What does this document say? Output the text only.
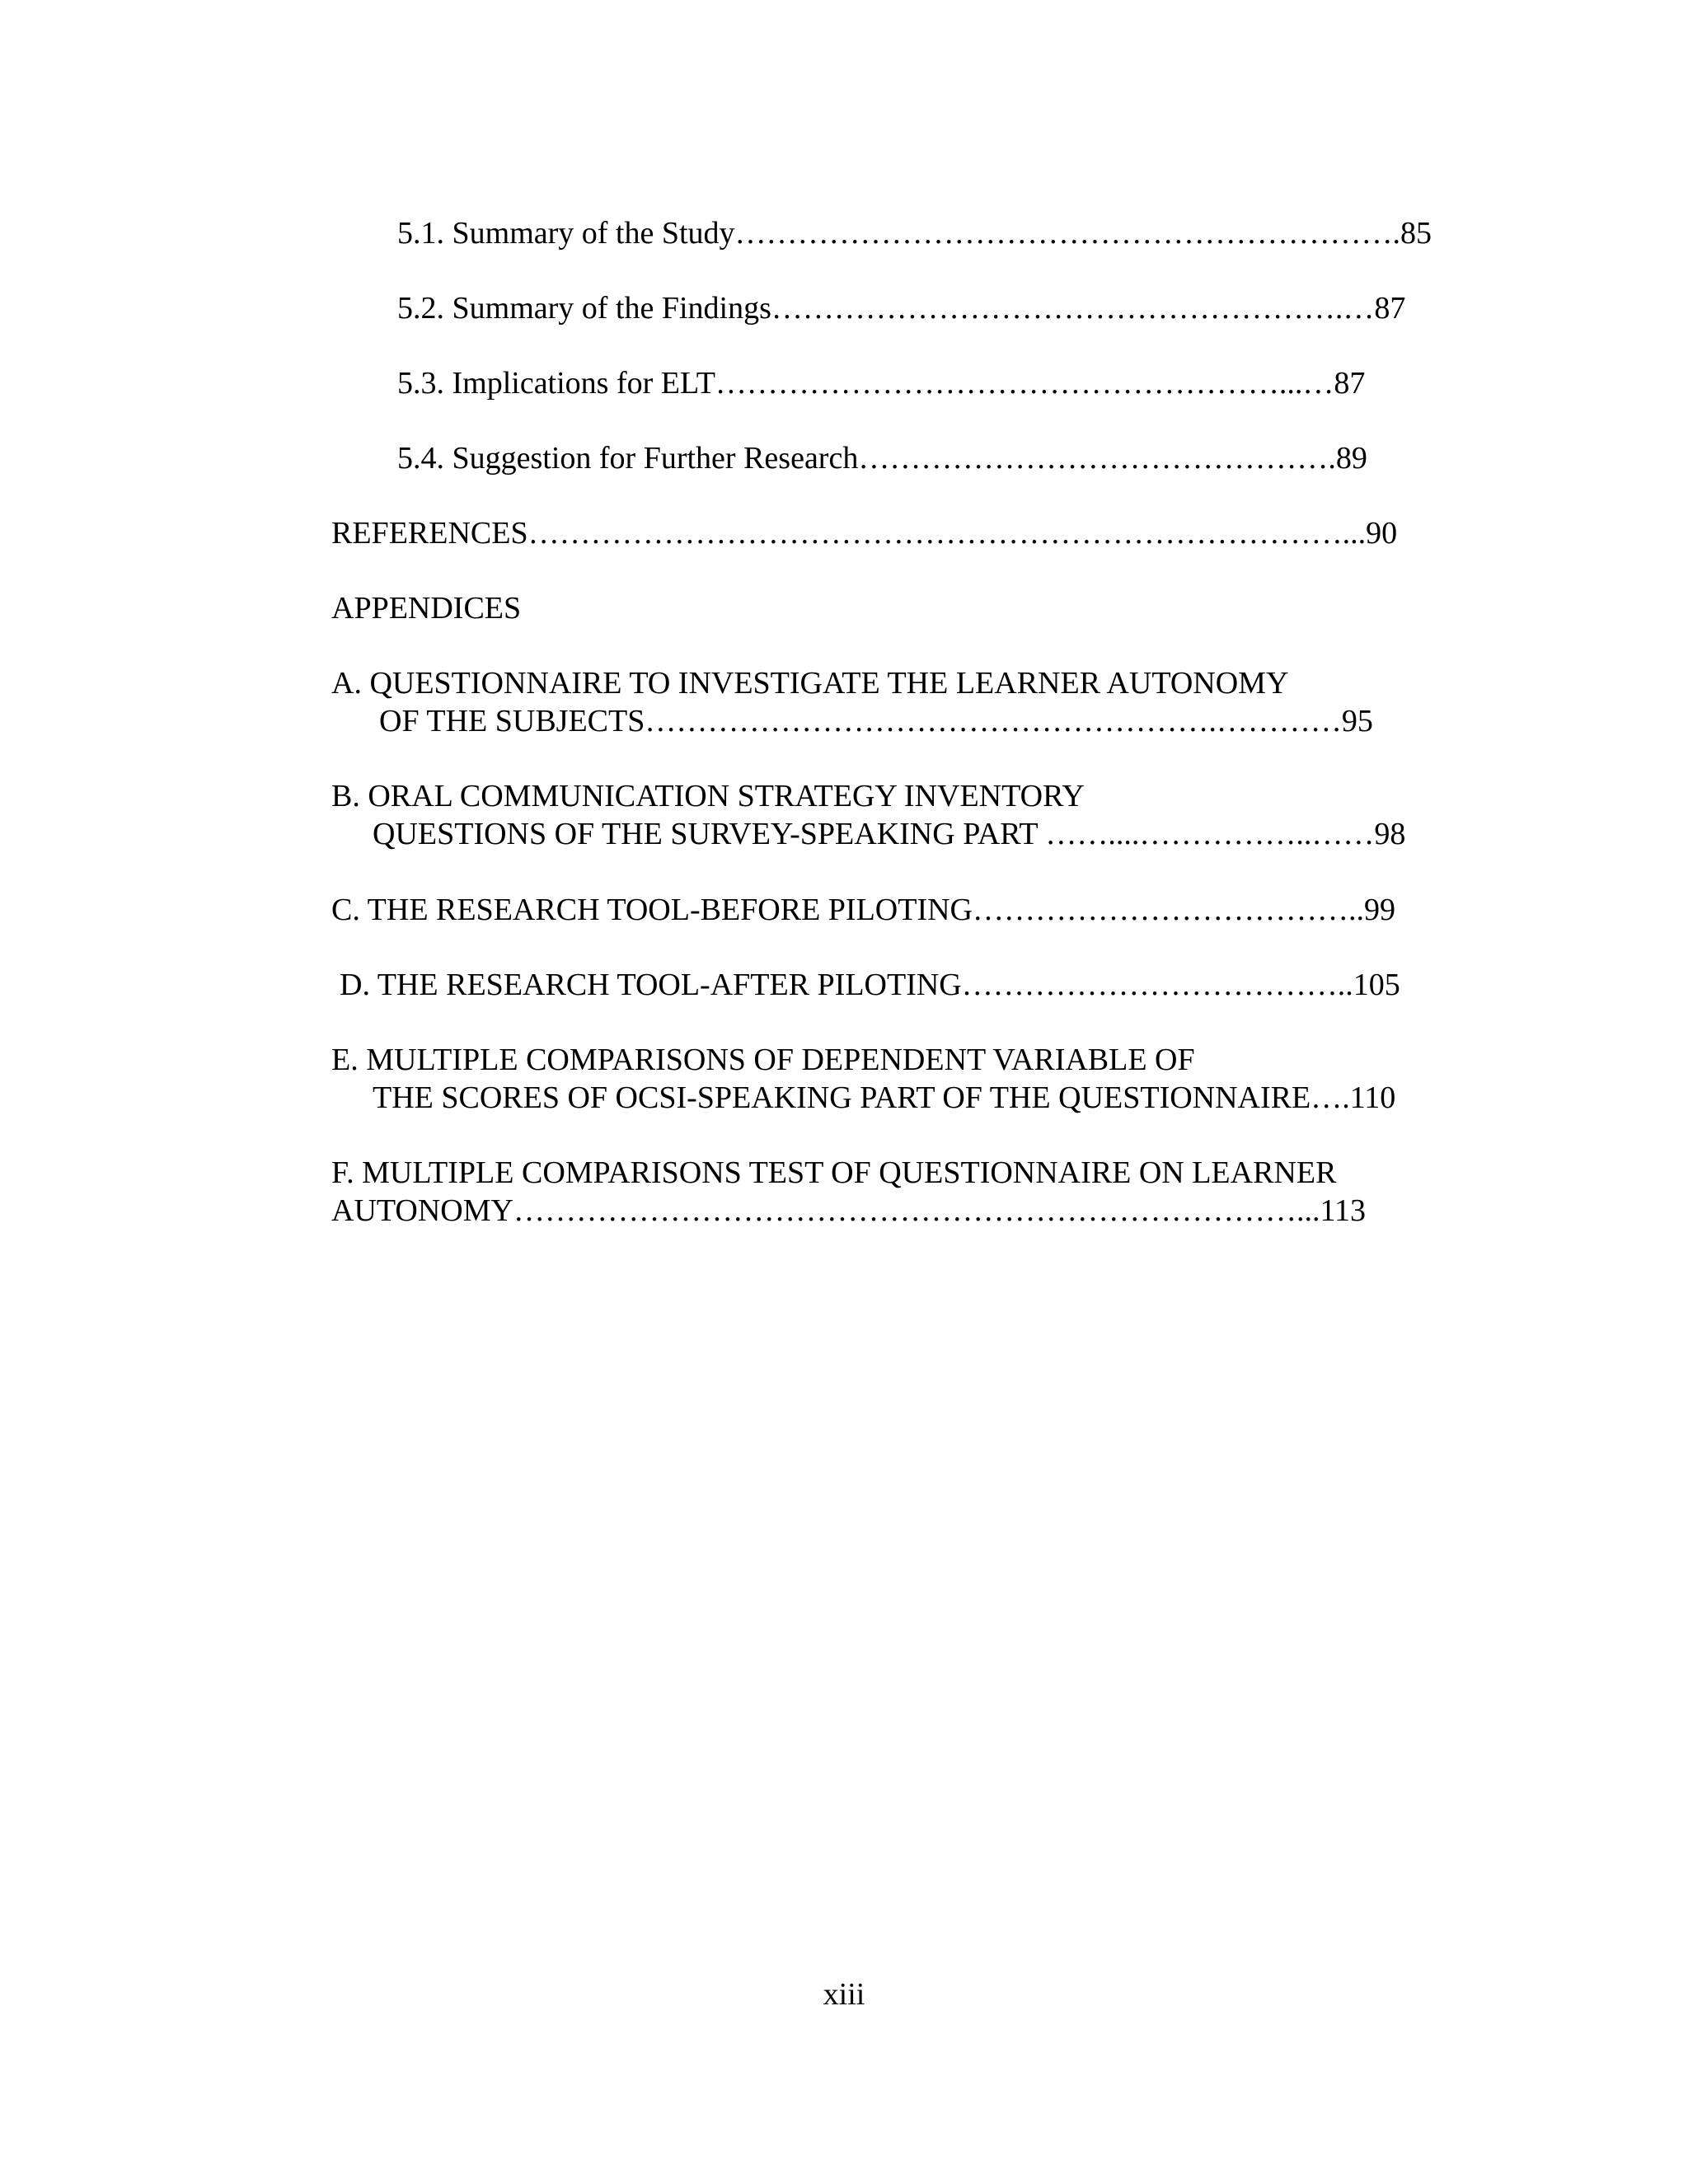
5.1. Summary of the Study……………………………………………………….85
5.2. Summary of the Findings……………………………………………….…87
5.3. Implications for ELT………………………………………………...…87
5.4. Suggestion for Further Research……………………………………….89
REFERENCES……………………………………………………………………...90
APPENDICES
A. QUESTIONNAIRE TO INVESTIGATE THE LEARNER AUTONOMY
OF THE SUBJECTS……………………………………………….…………95
B. ORAL COMMUNICATION STRATEGY INVENTORY
QUESTIONS OF THE SURVEY-SPEAKING PART ……....……………..……98
C. THE RESEARCH TOOL-BEFORE PILOTING………………………………..99
D. THE RESEARCH TOOL-AFTER PILOTING………………………………..105
E. MULTIPLE COMPARISONS OF DEPENDENT VARIABLE OF
THE SCORES OF OCSI-SPEAKING PART OF THE QUESTIONNAIRE….110
F. MULTIPLE COMPARISONS TEST OF QUESTIONNAIRE ON LEARNER
AUTONOMY…………………………………………………………………...113
xiii
